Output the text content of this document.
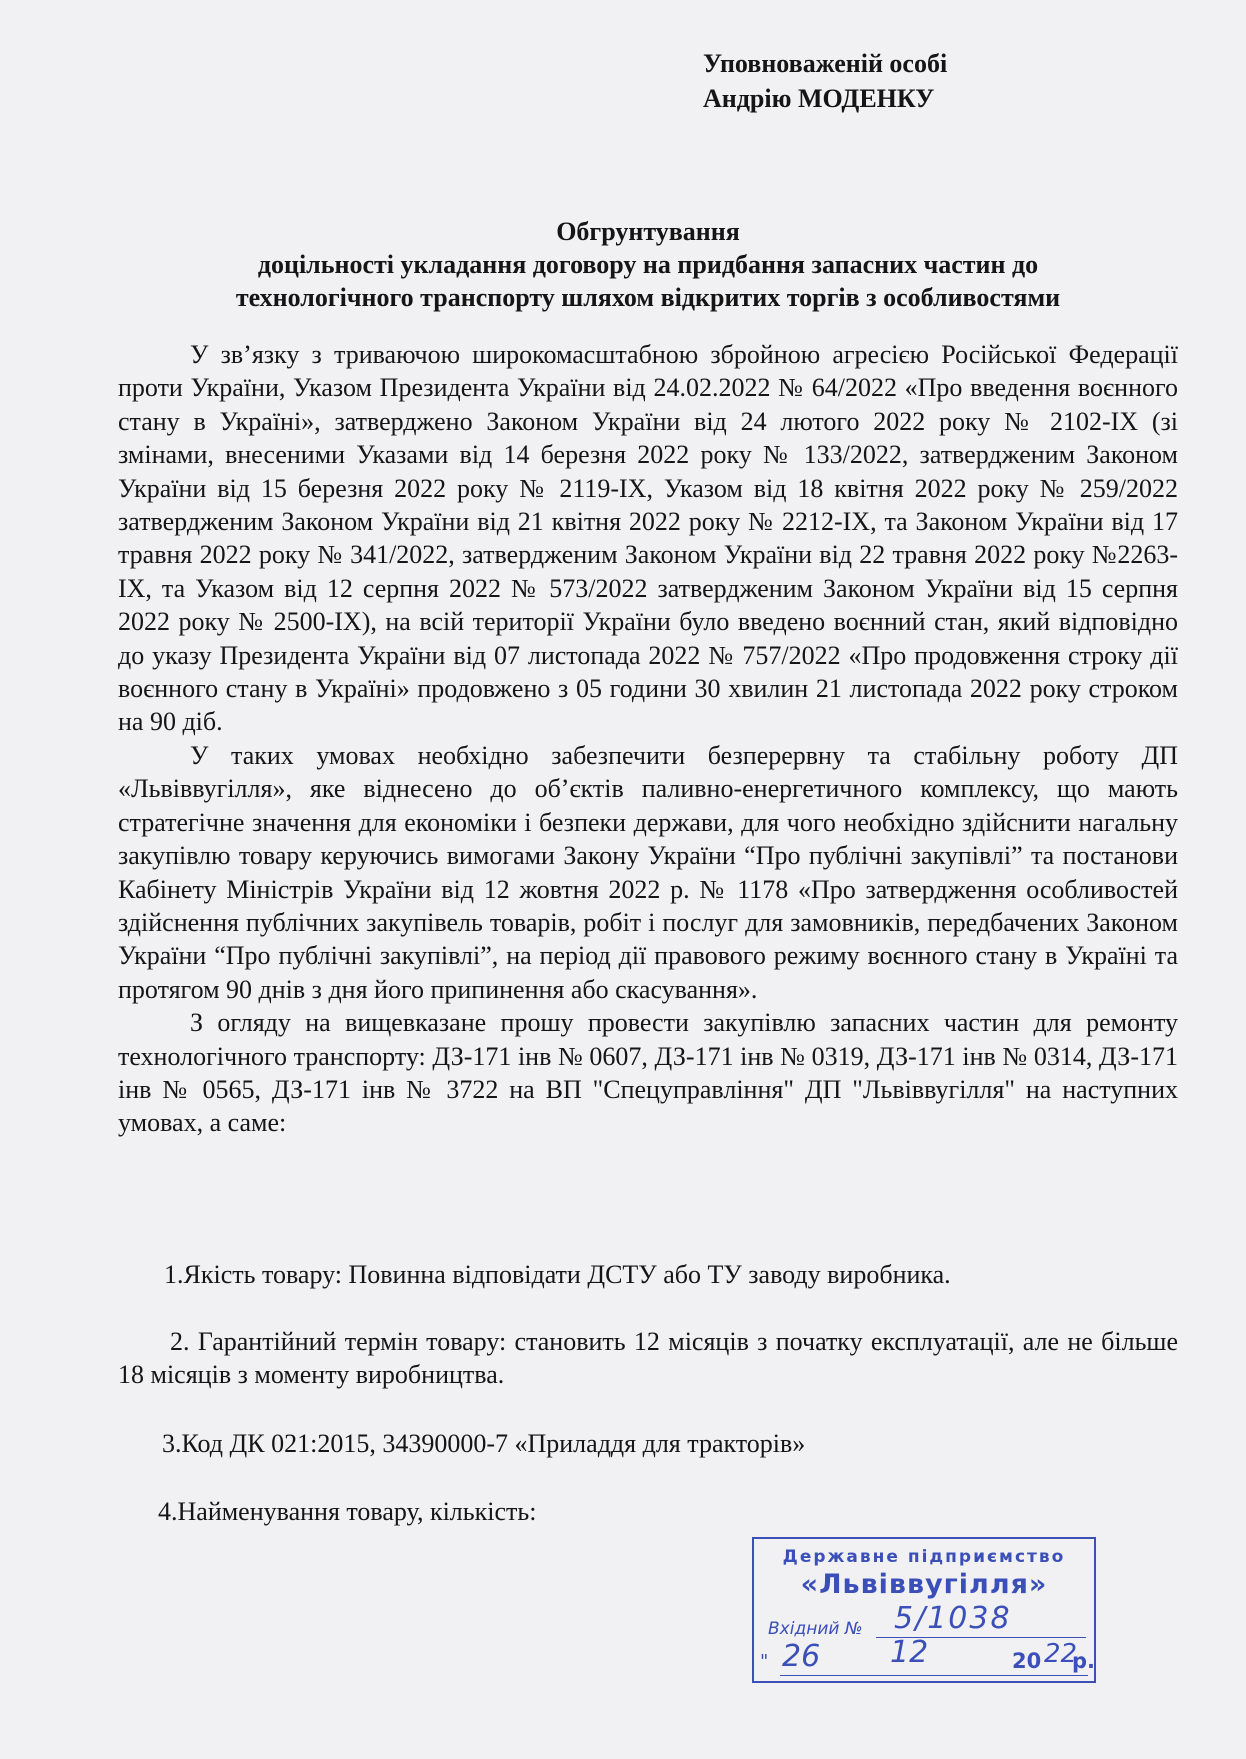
Уповноваженій особі
Андрію МОДЕНКУ
Обгрунтування
доцільності укладання договору на придбання запасних частин до
технологічного транспорту шляхом відкритих торгів з особливостями

У зв’язку з триваючою широкомасштабною збройною агресією Російської Федерації проти України, Указом Президента України від 24.02.2022 № 64/2022 «Про введення воєнного стану в Україні», затверджено Законом України від 24 лютого 2022 року № 2102-IX (зі змінами, внесеними Указами від 14 березня 2022 року № 133/2022, затвердженим Законом України від 15 березня 2022 року № 2119-IX, Указом від 18 квітня 2022 року № 259/2022 затвердженим Законом України від 21 квітня 2022 року № 2212-IX, та Законом України від 17 травня 2022 року № 341/2022, затвердженим Законом України від 22 травня 2022 року №2263-IX, та Указом від 12 серпня 2022 № 573/2022 затвердженим Законом України від 15 серпня 2022 року № 2500-IX), на всій території України було введено воєнний стан, який відповідно до указу Президента України від 07 листопада 2022 № 757/2022 «Про продовження строку дії воєнного стану в Україні» продовжено з 05 години 30 хвилин 21 листопада 2022 року строком на 90 діб.

У таких умовах необхідно забезпечити безперервну та стабільну роботу ДП «Львіввугілля», яке віднесено до об’єктів паливно-енергетичного комплексу, що мають стратегічне значення для економіки і безпеки держави, для чого необхідно здійснити нагальну закупівлю товару керуючись вимогами Закону України “Про публічні закупівлі” та постанови Кабінету Міністрів України від 12 жовтня 2022 р. № 1178 «Про затвердження особливостей здійснення публічних закупівель товарів, робіт і послуг для замовників, передбачених Законом України “Про публічні закупівлі”, на період дії правового режиму воєнного стану в Україні та протягом 90 днів з дня його припинення або скасування».

З огляду на вищевказане прошу провести закупівлю запасних частин для ремонту технологічного транспорту: ДЗ-171 інв № 0607, ДЗ-171 інв № 0319, ДЗ-171 інв № 0314, ДЗ-171 інв № 0565, ДЗ-171 інв № 3722 на ВП "Спецуправління" ДП "Львіввугілля" на наступних умовах, а саме:

1.Якість товару: Повинна відповідати ДСТУ або ТУ заводу виробника.

2. Гарантійний термін товару: становить 12 місяців з початку експлуатації, але не більше 18 місяців з моменту виробництва.

3.Код ДК 021:2015, 34390000-7 «Приладдя для тракторів»

4.Найменування товару, кількість:

Державне підприємство
«Львіввугілля»
Вхідний № 5/1038
" 26 12	20 22
р.
